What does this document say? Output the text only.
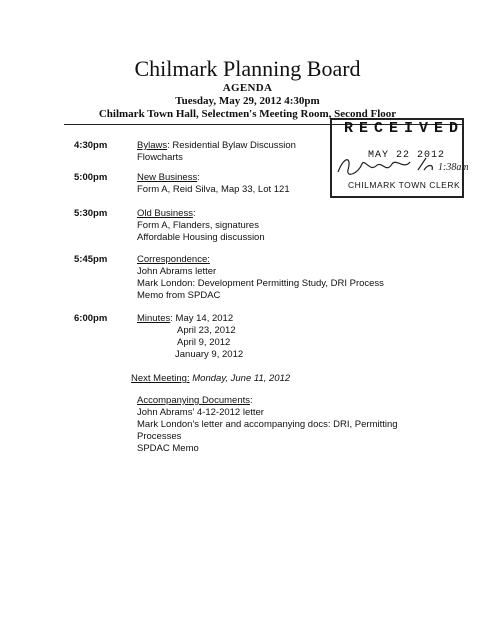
Chilmark Planning Board
AGENDA
Tuesday, May 29, 2012 4:30pm
Chilmark Town Hall, Selectmen's Meeting Room, Second Floor
RECEIVED
MAY 22 2012
CHILMARK TOWN CLERK
1:38am
4:30pm	Bylaws: Residential Bylaw Discussion
Flowcharts
5:00pm	New Business:
Form A, Reid Silva, Map 33, Lot 121
5:30pm	Old Business:
Form A, Flanders, signatures
Affordable Housing discussion
5:45pm	Correspondence:
John Abrams letter
Mark London: Development Permitting Study, DRI Process
Memo from SPDAC
6:00pm	Minutes: May 14, 2012
April 23, 2012
April 9, 2012
January 9, 2012
Next Meeting: Monday, June 11, 2012
Accompanying Documents:
John Abrams' 4-12-2012 letter
Mark London's letter and accompanying docs: DRI, Permitting
Processes
SPDAC Memo
